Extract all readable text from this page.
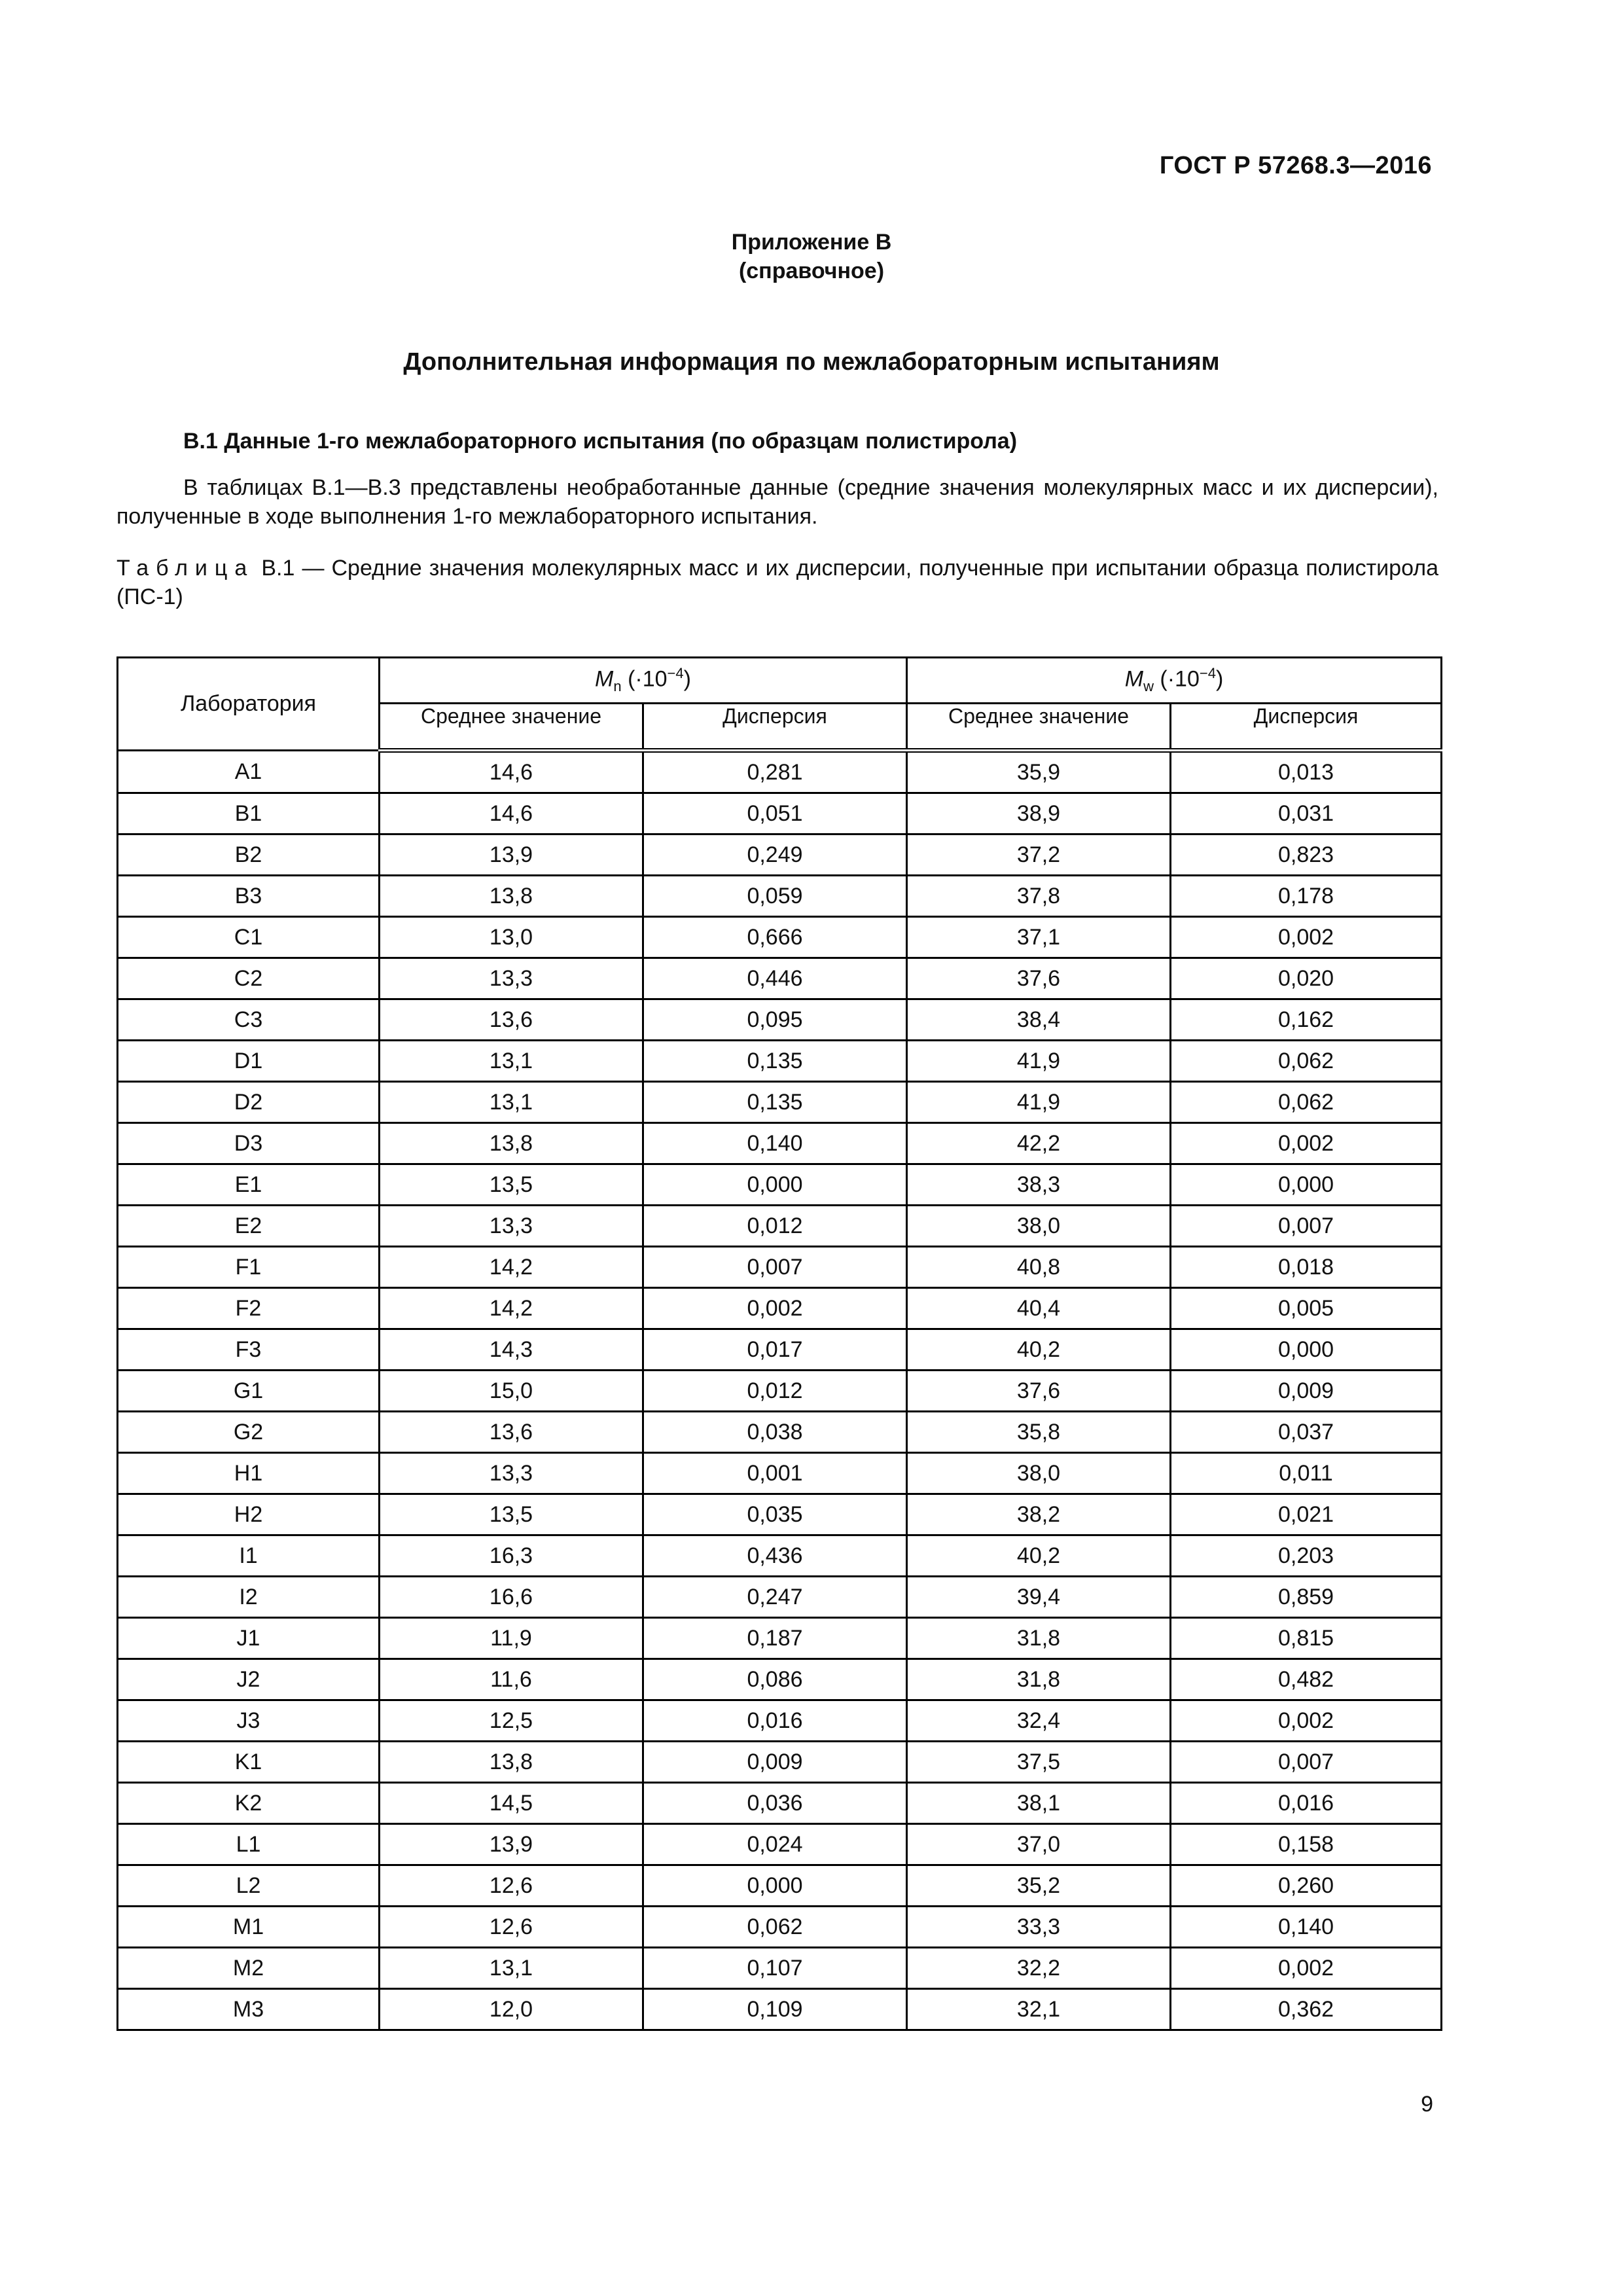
ГОСТ Р 57268.3—2016
Приложение В
(справочное)
Дополнительная информация по межлабораторным испытаниям
В.1 Данные 1-го межлабораторного испытания (по образцам полистирола)
В таблицах В.1—В.3 представлены необработанные данные (средние значения молекулярных масс и их дисперсии), полученные в ходе выполнения 1-го межлабораторного испытания.
Таблица В.1 — Средние значения молекулярных масс и их дисперсии, полученные при испытании образца полистирола (ПС-1)
Лаборатория	$M_n$ $(\cdot 10^{-4})$		$M_w$ $(\cdot 10^{-4})$	
	Среднее значение	Дисперсия	Среднее значение	Дисперсия
A1	14,6	0,281	35,9	0,013
B1	14,6	0,051	38,9	0,031
B2	13,9	0,249	37,2	0,823
B3	13,8	0,059	37,8	0,178
C1	13,0	0,666	37,1	0,002
C2	13,3	0,446	37,6	0,020
C3	13,6	0,095	38,4	0,162
D1	13,1	0,135	41,9	0,062
D2	13,1	0,135	41,9	0,062
D3	13,8	0,140	42,2	0,002
E1	13,5	0,000	38,3	0,000
E2	13,3	0,012	38,0	0,007
F1	14,2	0,007	40,8	0,018
F2	14,2	0,002	40,4	0,005
F3	14,3	0,017	40,2	0,000
G1	15,0	0,012	37,6	0,009
G2	13,6	0,038	35,8	0,037
H1	13,3	0,001	38,0	0,011
H2	13,5	0,035	38,2	0,021
I1	16,3	0,436	40,2	0,203
I2	16,6	0,247	39,4	0,859
J1	11,9	0,187	31,8	0,815
J2	11,6	0,086	31,8	0,482
J3	12,5	0,016	32,4	0,002
K1	13,8	0,009	37,5	0,007
K2	14,5	0,036	38,1	0,016
L1	13,9	0,024	37,0	0,158
L2	12,6	0,000	35,2	0,260
M1	12,6	0,062	33,3	0,140
M2	13,1	0,107	32,2	0,002
M3	12,0	0,109	32,1	0,362
9
